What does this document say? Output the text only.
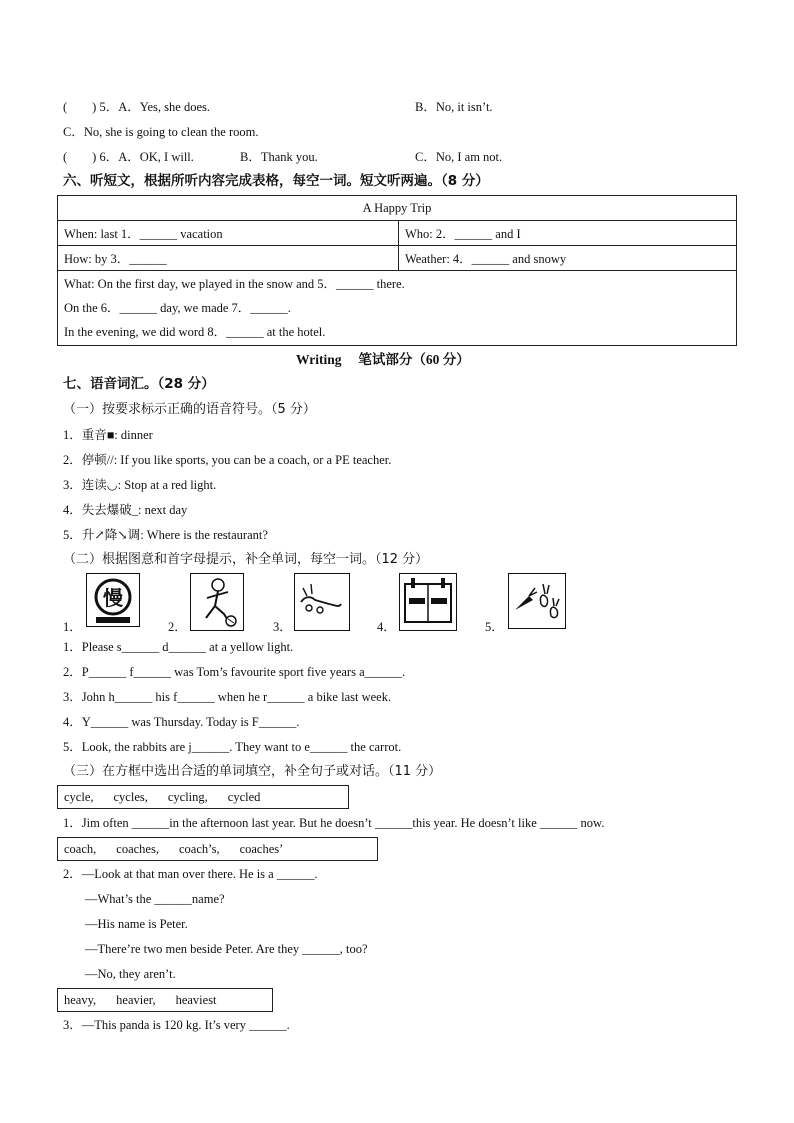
(　　) 5．A．Yes, she does.	B．No, it isn’t.
C．No, she is going to clean the room.
(　　) 6．A．OK, I will.	B．Thank you.	C．No, I am not.
六、听短文，根据所听内容完成表格，每空一词。短文听两遍。（8 分）
A Happy Trip	
When: last 1．______ vacation	Who: 2．______ and I
How: by 3．______	Weather: 4．______ and snowy

What: On the first day, we played in the snow and 5．______ there.
On the 6．______ day, we made 7．______.
In the evening, we did word 8．______ at the hotel.	
Writing　 笔试部分（60 分）
七、语音词汇。（28 分）
（一）按要求标示正确的语音符号。（5 分）
1．重音■: dinner
2．停顿//: If you like sports, you can be a coach, or a PE teacher.
3．连读◡: Stop at a red light.
4．失去爆破_: next day
5．升↗降↘调: Where is the restaurant?
（二）根据图意和首字母提示，补全单词，每空一词。（12 分）
1．
慢
2．	3．	4．	5．
1．Please s______ d______ at a yellow light.
2．P______ f______ was Tom’s favourite sport five years a______.
3．John h______ his f______ when he r______ a bike last week.
4．Y______ was Thursday. Today is F______.
5．Look, the rabbits are j______. They want to e______ the carrot.
（三）在方框中选出合适的单词填空，补全句子或对话。（11 分）
cycle, cycles, cycling, cycled
1．Jim often ______in the afternoon last year. But he doesn’t ______this year. He doesn’t like ______ now.
coach, coaches, coach’s, coaches’
2．—Look at that man over there. He is a ______.
—What’s the ______name?
—His name is Peter.
—There’re two men beside Peter. Are they ______, too?
—No, they aren’t.
heavy, heavier, heaviest
3．—This panda is 120 kg. It’s very ______.
